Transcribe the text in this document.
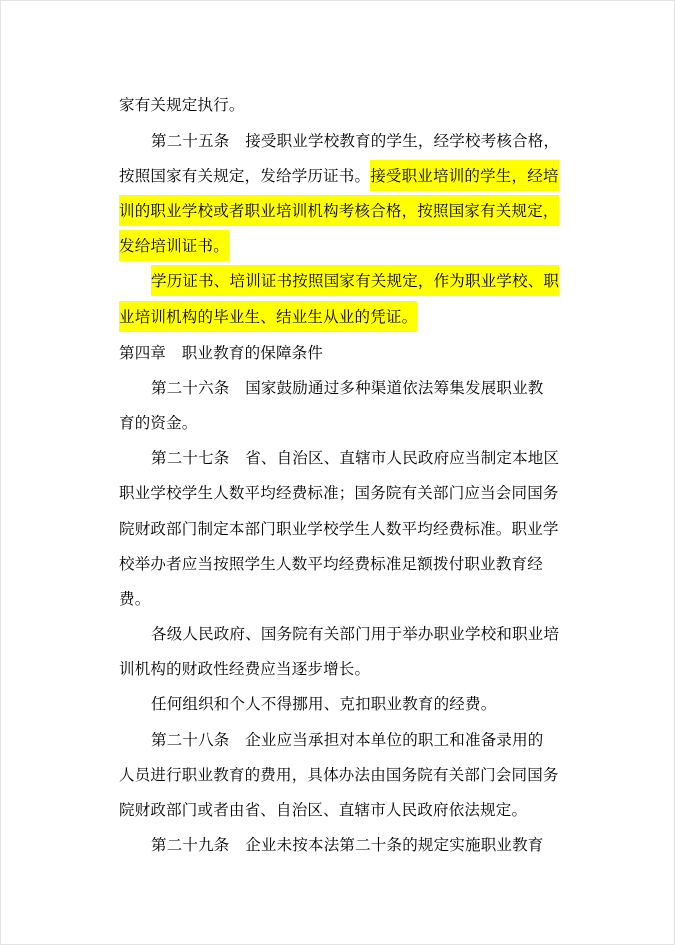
家有关规定执行。
第二十五条　接受职业学校教育的学生，经学校考核合格，
按照国家有关规定，发给学历证书。接受职业培训的学生，经培
训的职业学校或者职业培训机构考核合格，按照国家有关规定，
发给培训证书。
学历证书、培训证书按照国家有关规定，作为职业学校、职
业培训机构的毕业生、结业生从业的凭证。
第四章　职业教育的保障条件
第二十六条　国家鼓励通过多种渠道依法筹集发展职业教
育的资金。
第二十七条　省、自治区、直辖市人民政府应当制定本地区
职业学校学生人数平均经费标准；国务院有关部门应当会同国务
院财政部门制定本部门职业学校学生人数平均经费标准。职业学
校举办者应当按照学生人数平均经费标准足额拨付职业教育经
费。
各级人民政府、国务院有关部门用于举办职业学校和职业培
训机构的财政性经费应当逐步增长。
任何组织和个人不得挪用、克扣职业教育的经费。
第二十八条　企业应当承担对本单位的职工和准备录用的
人员进行职业教育的费用，具体办法由国务院有关部门会同国务
院财政部门或者由省、自治区、直辖市人民政府依法规定。
第二十九条　企业未按本法第二十条的规定实施职业教育
